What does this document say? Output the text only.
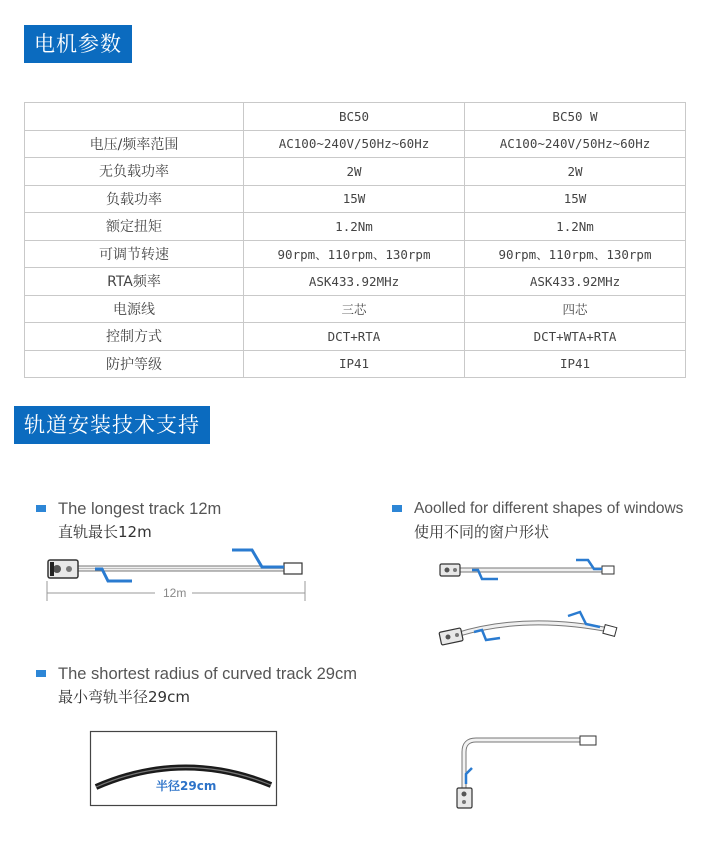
电机参数
	BC50	BC50 W
电压/频率范围	AC100~240V/50Hz~60Hz	AC100~240V/50Hz~60Hz
无负载功率	2W	2W
负载功率	15W	15W
额定扭矩	1.2Nm	1.2Nm
可调节转速	90rpm、110rpm、130rpm	90rpm、110rpm、130rpm
RTA频率	ASK433.92MHz	ASK433.92MHz
电源线	三芯	四芯
控制方式	DCT+RTA	DCT+WTA+RTA
防护等级	IP41	IP41
轨道安装技术支持
The longest track 12m
直轨最长12m
Aoolled for different shapes of windows
使用不同的窗户形状
The shortest radius of curved track 29cm
最小弯轨半径29cm
12m
半径29cm
